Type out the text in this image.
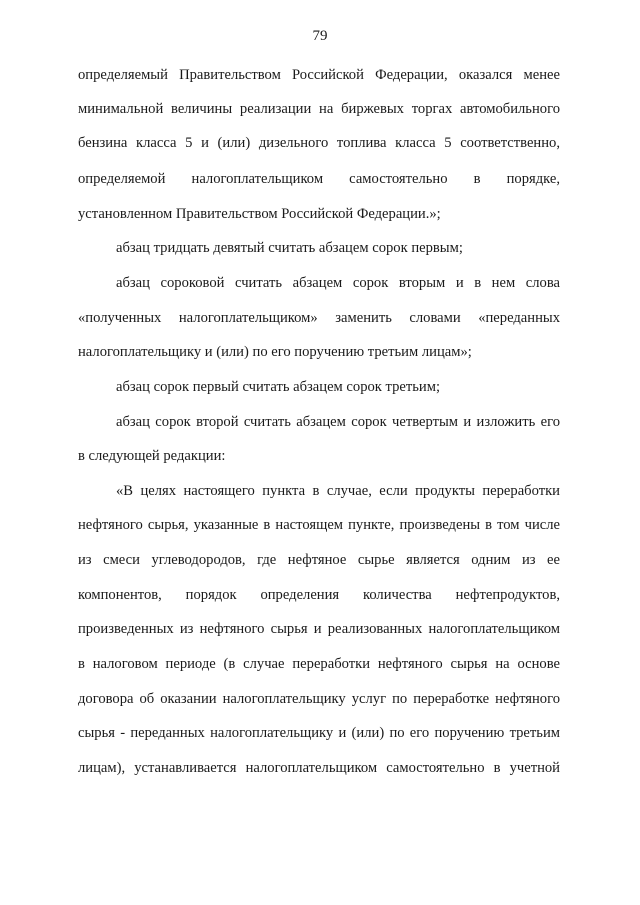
79
определяемый Правительством Российской Федерации, оказался менее
минимальной величины реализации на биржевых торгах автомобильного
бензина класса 5 и (или) дизельного топлива класса 5 соответственно,
определяемой налогоплательщиком самостоятельно в порядке,
установленном Правительством Российской Федерации.»;
абзац тридцать девятый считать абзацем сорок первым;
абзац сороковой считать абзацем сорок вторым и в нем слова
«полученных налогоплательщиком» заменить словами «переданных
налогоплательщику и (или) по его поручению третьим лицам»;
абзац сорок первый считать абзацем сорок третьим;
абзац сорок второй считать абзацем сорок четвертым и изложить его
в следующей редакции:
«В целях настоящего пункта в случае, если продукты переработки
нефтяного сырья, указанные в настоящем пункте, произведены в том числе
из смеси углеводородов, где нефтяное сырье является одним из ее
компонентов, порядок определения количества нефтепродуктов,
произведенных из нефтяного сырья и реализованных налогоплательщиком
в налоговом периоде (в случае переработки нефтяного сырья на основе
договора об оказании налогоплательщику услуг по переработке нефтяного
сырья - переданных налогоплательщику и (или) по его поручению третьим
лицам), устанавливается налогоплательщиком самостоятельно в учетной
